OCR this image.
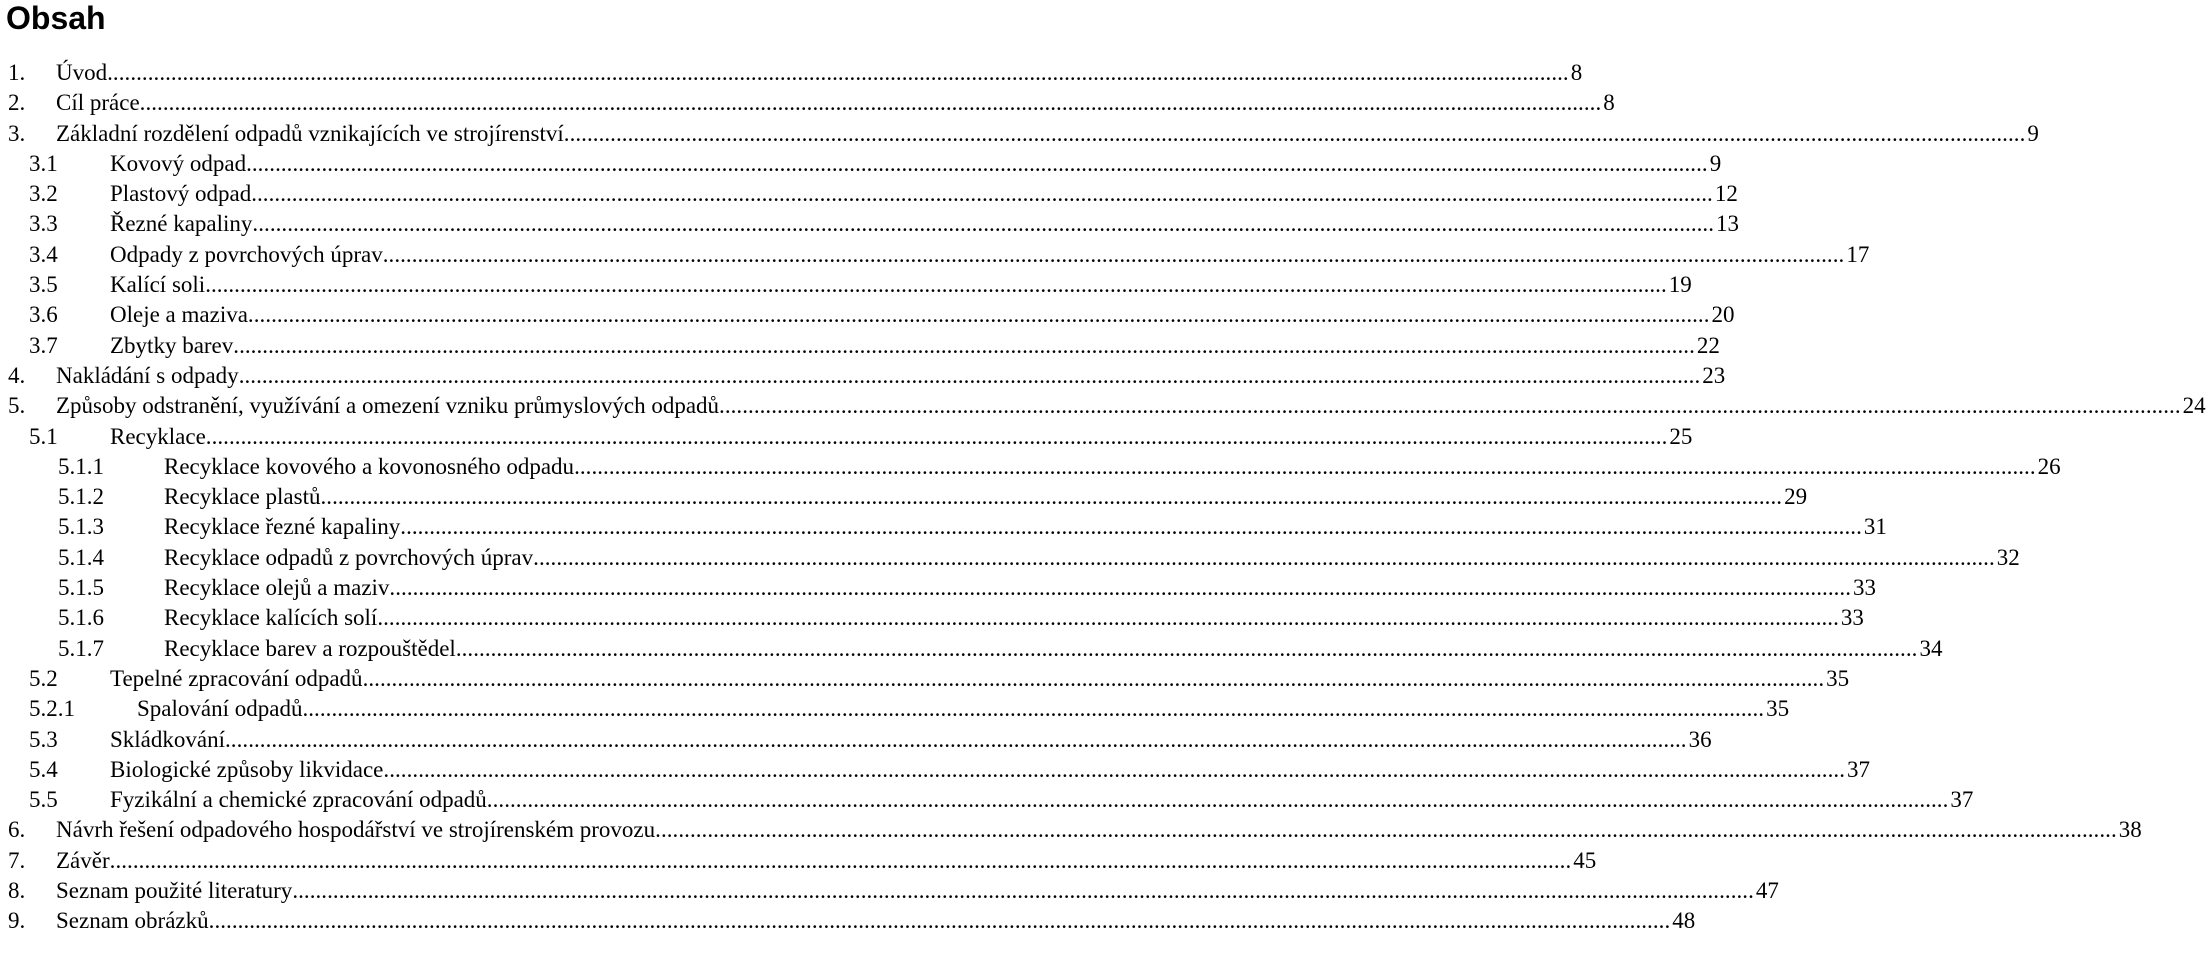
Obsah
1. Úvod .....	8
2. Cíl práce .....	8
3. Základní rozdělení odpadů vznikajících ve strojírenství .....	9
3.1 Kovový odpad .....	9
3.2 Plastový odpad .....	12
3.3 Řezné kapaliny .....	13
3.4 Odpady z povrchových úprav .....	17
3.5 Kalící soli .....	19
3.6 Oleje a maziva .....	20
3.7 Zbytky barev .....	22
4. Nakládání s odpady .....	23
5. Způsoby odstranění, využívání a omezení vzniku průmyslových odpadů .....	24
5.1 Recyklace .....	25
5.1.1	Recyklace kovového a kovonosného odpadu .....	26
5.1.2	Recyklace plastů .....	29
5.1.3	Recyklace řezné kapaliny .....	31
5.1.4	Recyklace odpadů z povrchových úprav .....	32
5.1.5	Recyklace olejů a maziv .....	33
5.1.6	Recyklace kalících solí .....	33
5.1.7	Recyklace barev a rozpouštědel .....	34
5.2 Tepelné zpracování odpadů .....	35
5.2.1	Spalování odpadů .....	35
5.3 Skládkování .....	36
5.4 Biologické způsoby likvidace .....	37
5.5 Fyzikální a chemické zpracování odpadů .....	37
6. Návrh řešení odpadového hospodářství ve strojírenském provozu .....	38
7. Závěr .....	45
8. Seznam použité literatury .....	47
9. Seznam obrázků .....	48
